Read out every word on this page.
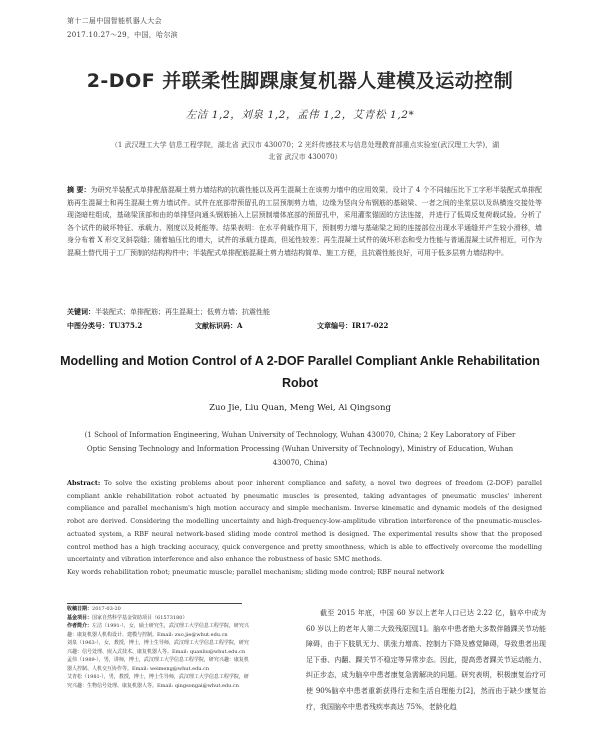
第十二届中国智能机器人大会
2017.10.27～29，中国，哈尔滨
2-DOF 并联柔性脚踝康复机器人建模及运动控制
左洁 1,2，刘泉 1,2，孟伟 1,2，艾青松 1,2*
（1 武汉理工大学 信息工程学院，湖北省 武汉市 430070；2 光纤传感技术与信息处理教育部重点实验室(武汉理工大学)，湖北省 武汉市 430070）
摘 要：为研究半装配式单排配筋混凝土剪力墙结构的抗震性能以及再生混凝土在该剪力墙中的应用效果，设计了 4 个不同轴压比下工字形半装配式单排配筋再生混凝土和再生混凝土剪力墙试件。试件在底部带预留孔的工层预制剪力墙，边缘为竖向分布钢筋的基础梁、一者之间的坐浆层以及纵横连交接处等现浇暗柱组成，基础梁顶部和由的单排竖向通头钢筋插入上层预制墙体底部的预留孔中，采用灌浆锚固的方法连接，并进行了低周反复荷载试验。分析了各个试件的破坏特征、承载力、刚度以及耗能等。结果表明：在水平荷载作用下，预制剪力墙与基础梁之间的连接部位出现水平通缝并产生较小滑移，墙身分布着 X 形交叉斜裂缝；随着轴压比的增大，试件的承载力提高，但延性较差；再生混凝土试件的破坏形态和受力性能与普通混凝土试件相近，可作为混凝土替代用于工厂预制的结构构件中；半装配式单排配筋混凝土剪力墙结构简单、施工方便，且抗震性能良好，可用于低多层剪力墙结构中。
关键词：半装配式；单排配筋；再生混凝土；低剪力墙；抗震性能
中图分类号：TU375.2	文献标识码：A	文章编号：IR17-022
Modelling and Motion Control of A 2-DOF Parallel Compliant Ankle Rehabilitation Robot
Zuo Jie, Liu Quan, Meng Wei, Ai Qingsong
(1 School of Information Engineering, Wuhan University of Technology, Wuhan 430070, China; 2 Key Laboratory of Fiber Optic Sensing Technology and Information Processing (Wuhan University of Technology), Ministry of Education, Wuhan 430070, China)
Abstract: To solve the existing problems about poor inherent compliance and safety, a novel two degrees of freedom (2-DOF) parallel compliant ankle rehabilitation robot actuated by pneumatic muscles is presented, taking advantages of pneumatic muscles' inherent compliance and parallel mechanism's high motion accuracy and simple mechanism. Inverse kinematic and dynamic models of the designed robot are derived. Considering the modelling uncertainty and high-frequency-low-amplitude vibration interference of the pneumatic-muscles-actuated system, a RBF neural network-based sliding mode control method is designed. The experimental results show that the proposed control method has a high tracking accuracy, quick convergence and pretty smoothness, which is able to effectively overcome the modelling uncertainty and vibration interference and also enhance the robustness of basic SMC methods.
Key words rehabilitation robot; pneumatic muscle; parallel mechanism; sliding mode control; RBF neural network

收稿日期：2017-03-20

基金项目：国家自然科学基金资助项目（61573180）

作者简介：左洁（1991-），女，硕士研究生，武汉理工大学信息工程学院，研究兴趣：康复机器人机构设计、建模与控制。Email: zuo.jie@whut.edu.cn

刘泉（1963-），女，教授，博士，博士生导师，武汉理工大学信息工程学院，研究兴趣：信号处理、嵌入式技术、康复机器人等。Email: quanliu@whut.edu.cn

孟伟（1989-），男，讲师，博士，武汉理工大学信息工程学院，研究兴趣：康复机器人控制、人机交互协作等。Email: weimeng@whut.edu.cn

艾青松（1981-），男，教授，博士，博士生导师，武汉理工大学信息工程学院，研究兴趣：生物信号处理、康复机器人等。Email: qingsongai@whut.edu.cn

截至 2015 年底，中国 60 岁以上老年人口已达 2.22 亿，脑卒中成为 60 岁以上的老年人第二大致残原因[1]。脑卒中患者绝大多数伴随踝关节功能障碍，由于下肢肌无力、肌张力增高、控制力下降及感觉障碍，导致患者出现足下垂、内翻、踝关节不稳定等异常步态。因此，提高患者踝关节运动能力、纠正步态，成为脑卒中患者康复急需解决的问题。研究表明，积极康复治疗可使 90%脑卒中患者重新获得行走和生活自理能力[2]，然而由于缺少康复治疗，我国脑卒中患者残疾率高达 75%，老龄化趋
